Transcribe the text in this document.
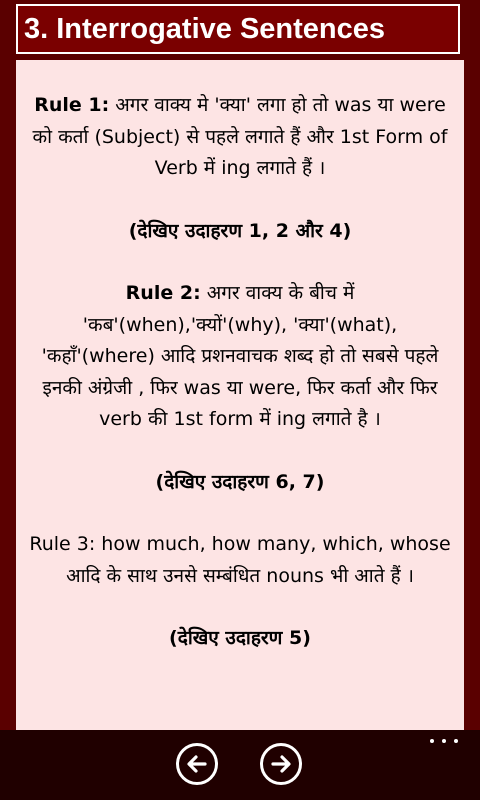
3. Interrogative Sentences

Rule 1: अगर वाक्य मे 'क्या' लगा हो तो was या were को कर्ता (Subject) से पहले लगाते हैं और 1st Form of Verb में ing लगाते हैं ।

(देखिए उदाहरण 1, 2 और 4)

Rule 2: अगर वाक्य के बीच में 'कब'(when),'क्यों'(why), 'क्या'(what), 'कहाँ'(where) आदि प्रशनवाचक शब्द हो तो सबसे पहले इनकी अंग्रेजी , फिर was या were, फिर कर्ता और फिर verb की 1st form में ing लगाते है ।

(देखिए उदाहरण 6, 7)

Rule 3: how much, how many, which, whose आदि के साथ उनसे सम्बंधित nouns भी आते हैं ।

(देखिए उदाहरण 5)
